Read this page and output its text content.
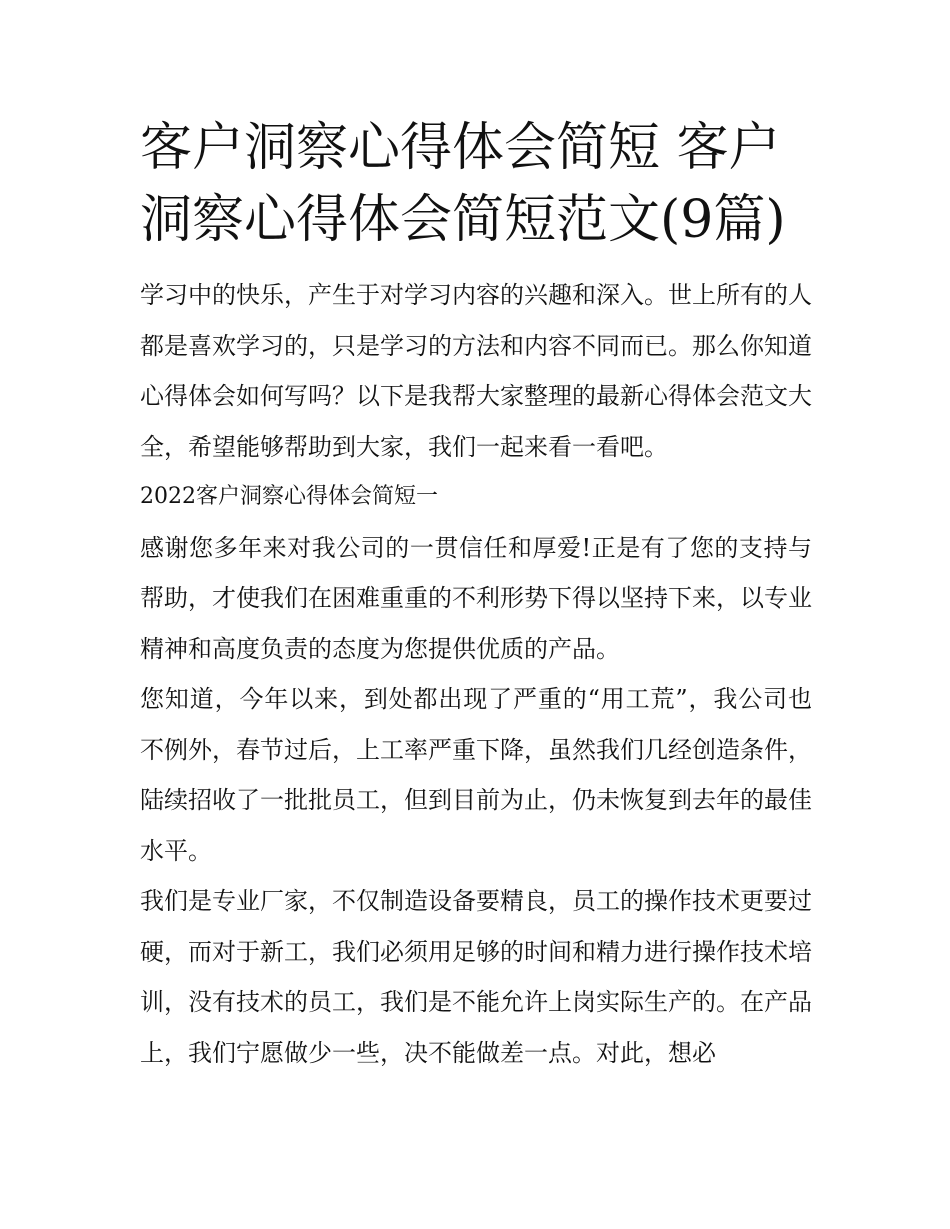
客户洞察心得体会简短 客户洞察心得体会简短范文(9篇)

学习中的快乐，产生于对学习内容的兴趣和深入。世上所有的人都是喜欢学习的，只是学习的方法和内容不同而已。那么你知道心得体会如何写吗？以下是我帮大家整理的最新心得体会范文大全，希望能够帮助到大家，我们一起来看一看吧。

2022客户洞察心得体会简短一

感谢您多年来对我公司的一贯信任和厚爱!正是有了您的支持与帮助，才使我们在困难重重的不利形势下得以坚持下来，以专业精神和高度负责的态度为您提供优质的产品。

您知道，今年以来，到处都出现了严重的“用工荒”，我公司也不例外，春节过后，上工率严重下降，虽然我们几经创造条件，陆续招收了一批批员工，但到目前为止，仍未恢复到去年的最佳水平。

我们是专业厂家，不仅制造设备要精良，员工的操作技术更要过硬，而对于新工，我们必须用足够的时间和精力进行操作技术培训，没有技术的员工，我们是不能允许上岗实际生产的。在产品上，我们宁愿做少一些，决不能做差一点。对此，想必
